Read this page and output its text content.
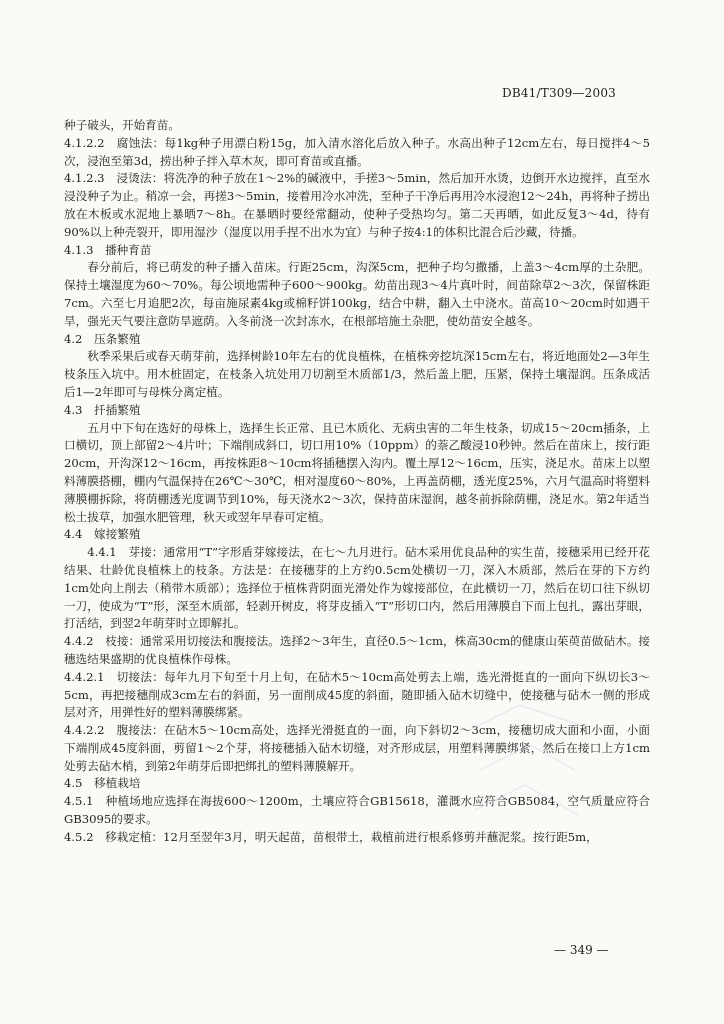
DB41/T309—2003

种子破头，开始育苗。

4.1.2.2　腐蚀法：每1kg种子用漂白粉15g，加入清水溶化后放入种子。水高出种子12cm左右，每日搅拌4～5次，浸泡至第3d，捞出种子拌入草木灰，即可育苗或直播。

4.1.2.3　浸烫法：将洗净的种子放在1～2%的碱液中，手搓3～5min，然后加开水烫，边倒开水边搅拌，直至水浸没种子为止。稍凉一会，再搓3～5min，接着用冷水冲洗，至种子干净后再用冷水浸泡12～24h，再将种子捞出放在木板或水泥地上暴晒7～8h。在暴晒时要经常翻动，使种子受热均匀。第二天再晒，如此反复3～4d，待有90%以上种壳裂开，即用湿沙（湿度以用手捏不出水为宜）与种子按4:1的体积比混合后沙藏，待播。

4.1.3　播种育苗

春分前后，将已萌发的种子播入苗床。行距25cm，沟深5cm，把种子均匀撒播，上盖3～4cm厚的土杂肥。保持土壤湿度为60～70%。每公顷地需种子600～900kg。幼苗出现3～4片真叶时，间苗除草2～3次，保留株距7cm。六至七月追肥2次，每亩施尿素4kg或棉籽饼100kg，结合中耕，翻入土中浇水。苗高10～20cm时如遇干旱，强光天气要注意防旱遮荫。入冬前浇一次封冻水，在根部培施土杂肥，使幼苗安全越冬。

4.2　压条繁殖

秋季采果后或春天萌芽前，选择树龄10年左右的优良植株，在植株旁挖坑深15cm左右，将近地面处2—3年生枝条压入坑中。用木桩固定，在枝条入坑处用刀切割至木质部1/3，然后盖上肥，压紧，保持土壤湿润。压条成活后1—2年即可与母株分离定植。

4.3　扦插繁殖

五月中下旬在选好的母株上，选择生长正常、且已木质化、无病虫害的二年生枝条，切成15～20cm插条，上口横切，顶上部留2～4片叶；下端削成斜口，切口用10%（10ppm）的萘乙酸浸10秒钟。然后在苗床上，按行距20cm，开沟深12～16cm，再按株距8～10cm将插穗摆入沟内。覆土厚12～16cm，压实，浇足水。苗床上以塑料薄膜搭棚，棚内气温保持在26℃～30℃，相对湿度60～80%，上再盖荫棚，透光度25%，六月气温高时将塑料薄膜棚拆除，将荫棚透光度调节到10%，每天浇水2～3次，保持苗床湿润，越冬前拆除荫棚，浇足水。第2年适当松土拔草，加强水肥管理，秋天或翌年早春可定植。

4.4　嫁接繁殖

4.4.1　芽接：通常用“T”字形盾芽嫁接法，在七～九月进行。砧木采用优良品种的实生苗，接穗采用已经开花结果、壮龄优良植株上的枝条。方法是：在接穗芽的上方约0.5cm处横切一刀，深入木质部，然后在芽的下方约1cm处向上削去（稍带木质部）；选择位于植株背阴面光滑处作为嫁接部位，在此横切一刀，然后在切口往下纵切一刀，使成为“T”形，深至木质部，轻剥开树皮，将芽皮插入“T”形切口内，然后用薄膜自下而上包扎，露出芽眼，打活结，到翌2年萌芽时立即解扎。

4.4.2　枝接：通常采用切接法和腹接法。选择2～3年生，直径0.5～1cm，株高30cm的健康山茱萸苗做砧木。接穗选结果盛期的优良植株作母株。

4.4.2.1　切接法：每年九月下旬至十月上旬，在砧木5～10cm高处剪去上端，选光滑挺直的一面向下纵切长3～5cm，再把接穗削成3cm左右的斜面，另一面削成45度的斜面，随即插入砧木切缝中，使接穗与砧木一侧的形成层对齐，用弹性好的塑料薄膜绑紧。

4.4.2.2　腹接法：在砧木5～10cm高处，选择光滑挺直的一面，向下斜切2～3cm，接穗切成大面和小面，小面下端削成45度斜面，剪留1～2个芽，将接穗插入砧木切缝，对齐形成层，用塑料薄膜绑紧，然后在接口上方1cm处剪去砧木梢，到第2年萌芽后即把绑扎的塑料薄膜解开。

4.5　移植栽培

4.5.1　种植场地应选择在海拔600～1200m，土壤应符合GB15618，灌溉水应符合GB5084，空气质量应符合GB3095的要求。

4.5.2　移栽定植：12月至翌年3月，明天起苗，苗根带土，栽植前进行根系修剪并蘸泥浆。按行距5m，

— 349 —
